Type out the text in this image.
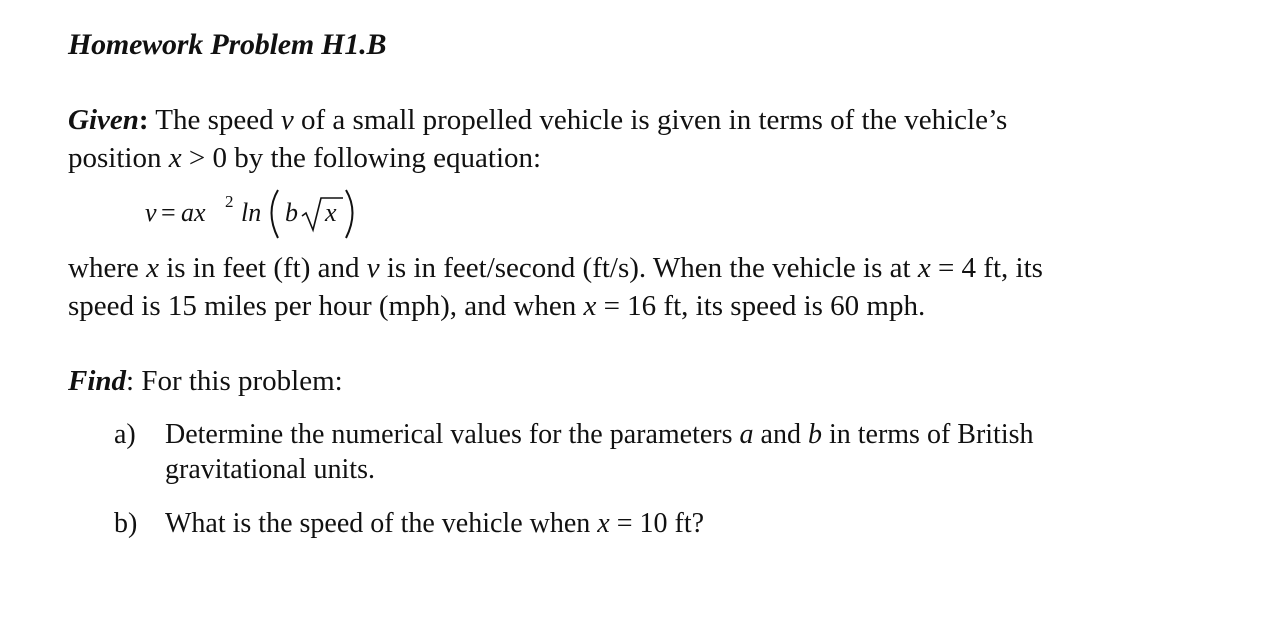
Homework Problem H1.B
Given: The speed v of a small propelled vehicle is given in terms of the vehicle’s
position x > 0 by the following equation:
v = ax 2 ln b x
where x is in feet (ft) and v is in feet/second (ft/s). When the vehicle is at x = 4 ft, its
speed is 15 miles per hour (mph), and when x = 16 ft, its speed is 60 mph.
Find: For this problem:
a) Determine the numerical values for the parameters a and b in terms of British
gravitational units.
b) What is the speed of the vehicle when x = 10 ft?
